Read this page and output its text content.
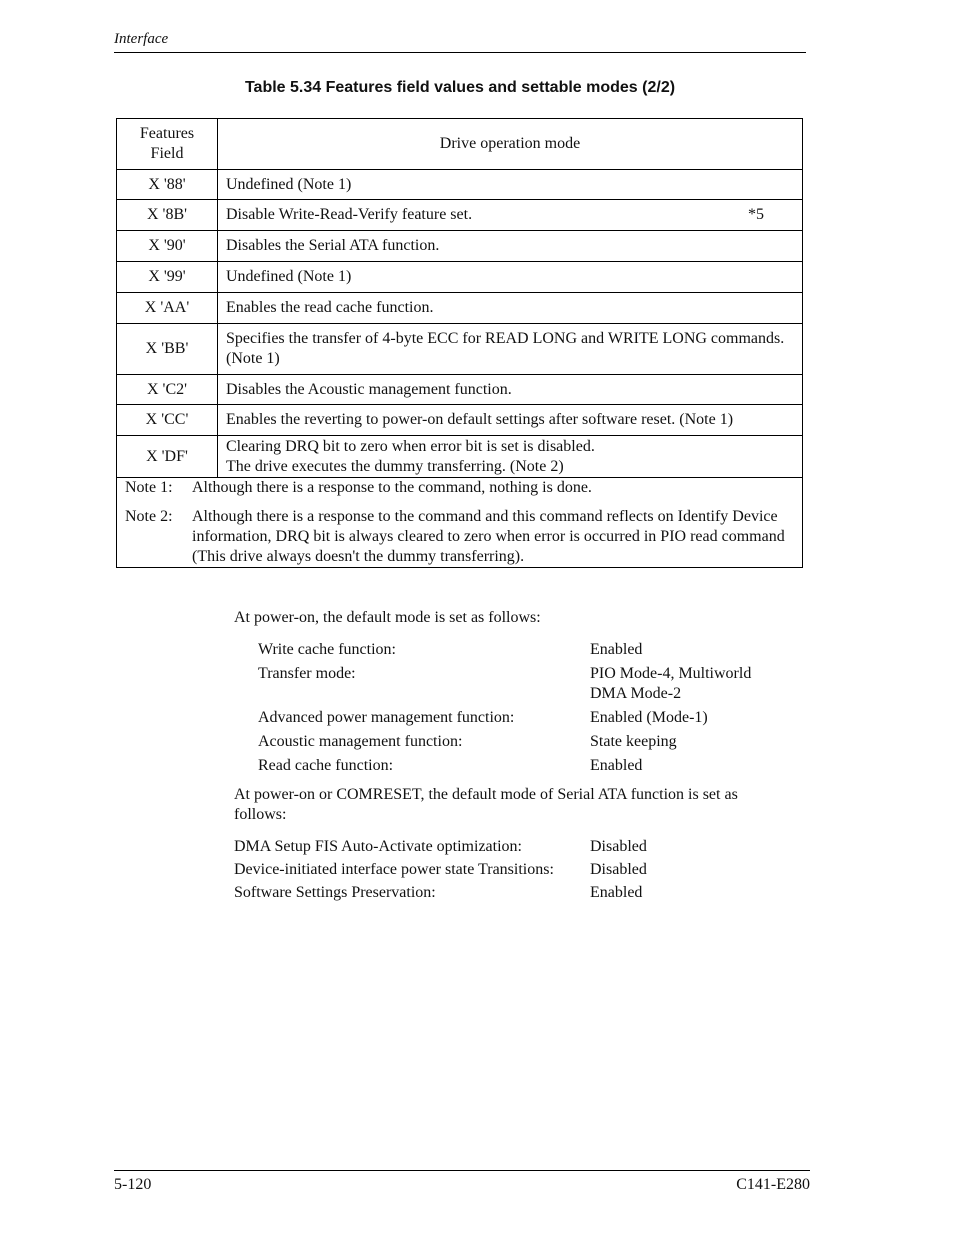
Interface
Table 5.34 Features field values and settable modes (2/2)
Features
Field	Drive operation mode
X '88'	Undefined (Note 1)
X '8B'	Disable Write-Read-Verify feature set. *5

X '90'	Disables the Serial ATA function.
X '99'	Undefined (Note 1)
X 'AA'	Enables the read cache function.
X 'BB'	Specifies the transfer of 4-byte ECC for READ LONG and WRITE LONG commands. (Note 1)
X 'C2'	Disables the Acoustic management function.
X 'CC'	Enables the reverting to power-on default settings after software reset. (Note 1)
X 'DF'	Clearing DRQ bit to zero when error bit is set is disabled.
The drive executes the dummy transferring. (Note 2)

Note 1: Although there is a response to the command, nothing is done.
Note 2: Although there is a response to the command and this command reflects on Identify Device information, DRQ bit is always cleared to zero when error is occurred in PIO read command (This drive always doesn't the dummy transferring).	
At power-on, the default mode is set as follows:
Write cache function:	Enabled
Transfer mode:	PIO Mode-4, Multiworld
DMA Mode-2
Advanced power management function:	Enabled (Mode-1)
Acoustic management function:	State keeping
Read cache function:	Enabled
At power-on or COMRESET, the default mode of Serial ATA function is set as follows:
DMA Setup FIS Auto-Activate optimization:	Disabled
Device-initiated interface power state Transitions:	Disabled
Software Settings Preservation:	Enabled
5-120	C141-E280
